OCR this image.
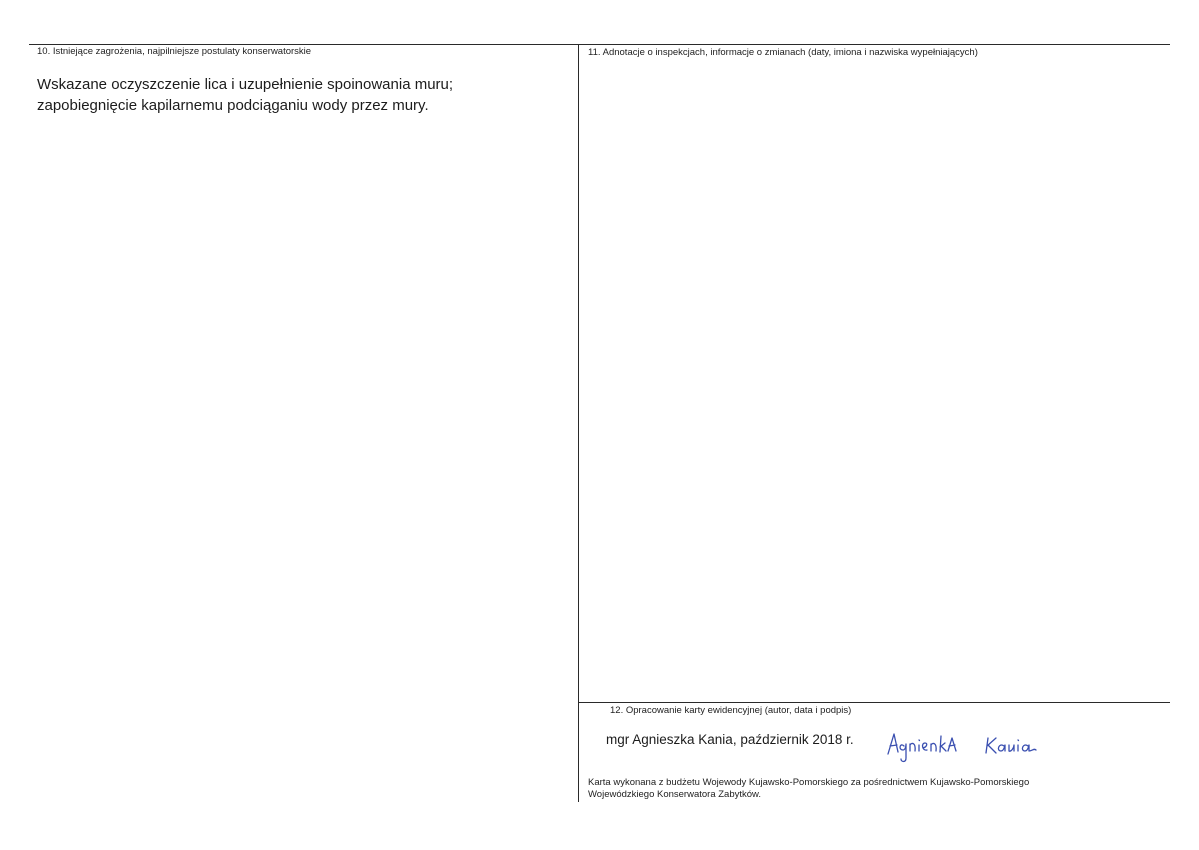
10. Istniejące zagrożenia, najpilniejsze postulaty konserwatorskie
Wskazane oczyszczenie lica i uzupełnienie spoinowania muru;
zapobiegnięcie kapilarnemu podciąganiu wody przez mury.
11. Adnotacje o inspekcjach, informacje o zmianach (daty, imiona i nazwiska wypełniających)
12. Opracowanie karty ewidencyjnej (autor, data i podpis)
mgr Agnieszka Kania, październik 2018 r.
Karta wykonana z budżetu Wojewody Kujawsko-Pomorskiego za pośrednictwem Kujawsko-Pomorskiego
Wojewódzkiego Konserwatora Zabytków.
